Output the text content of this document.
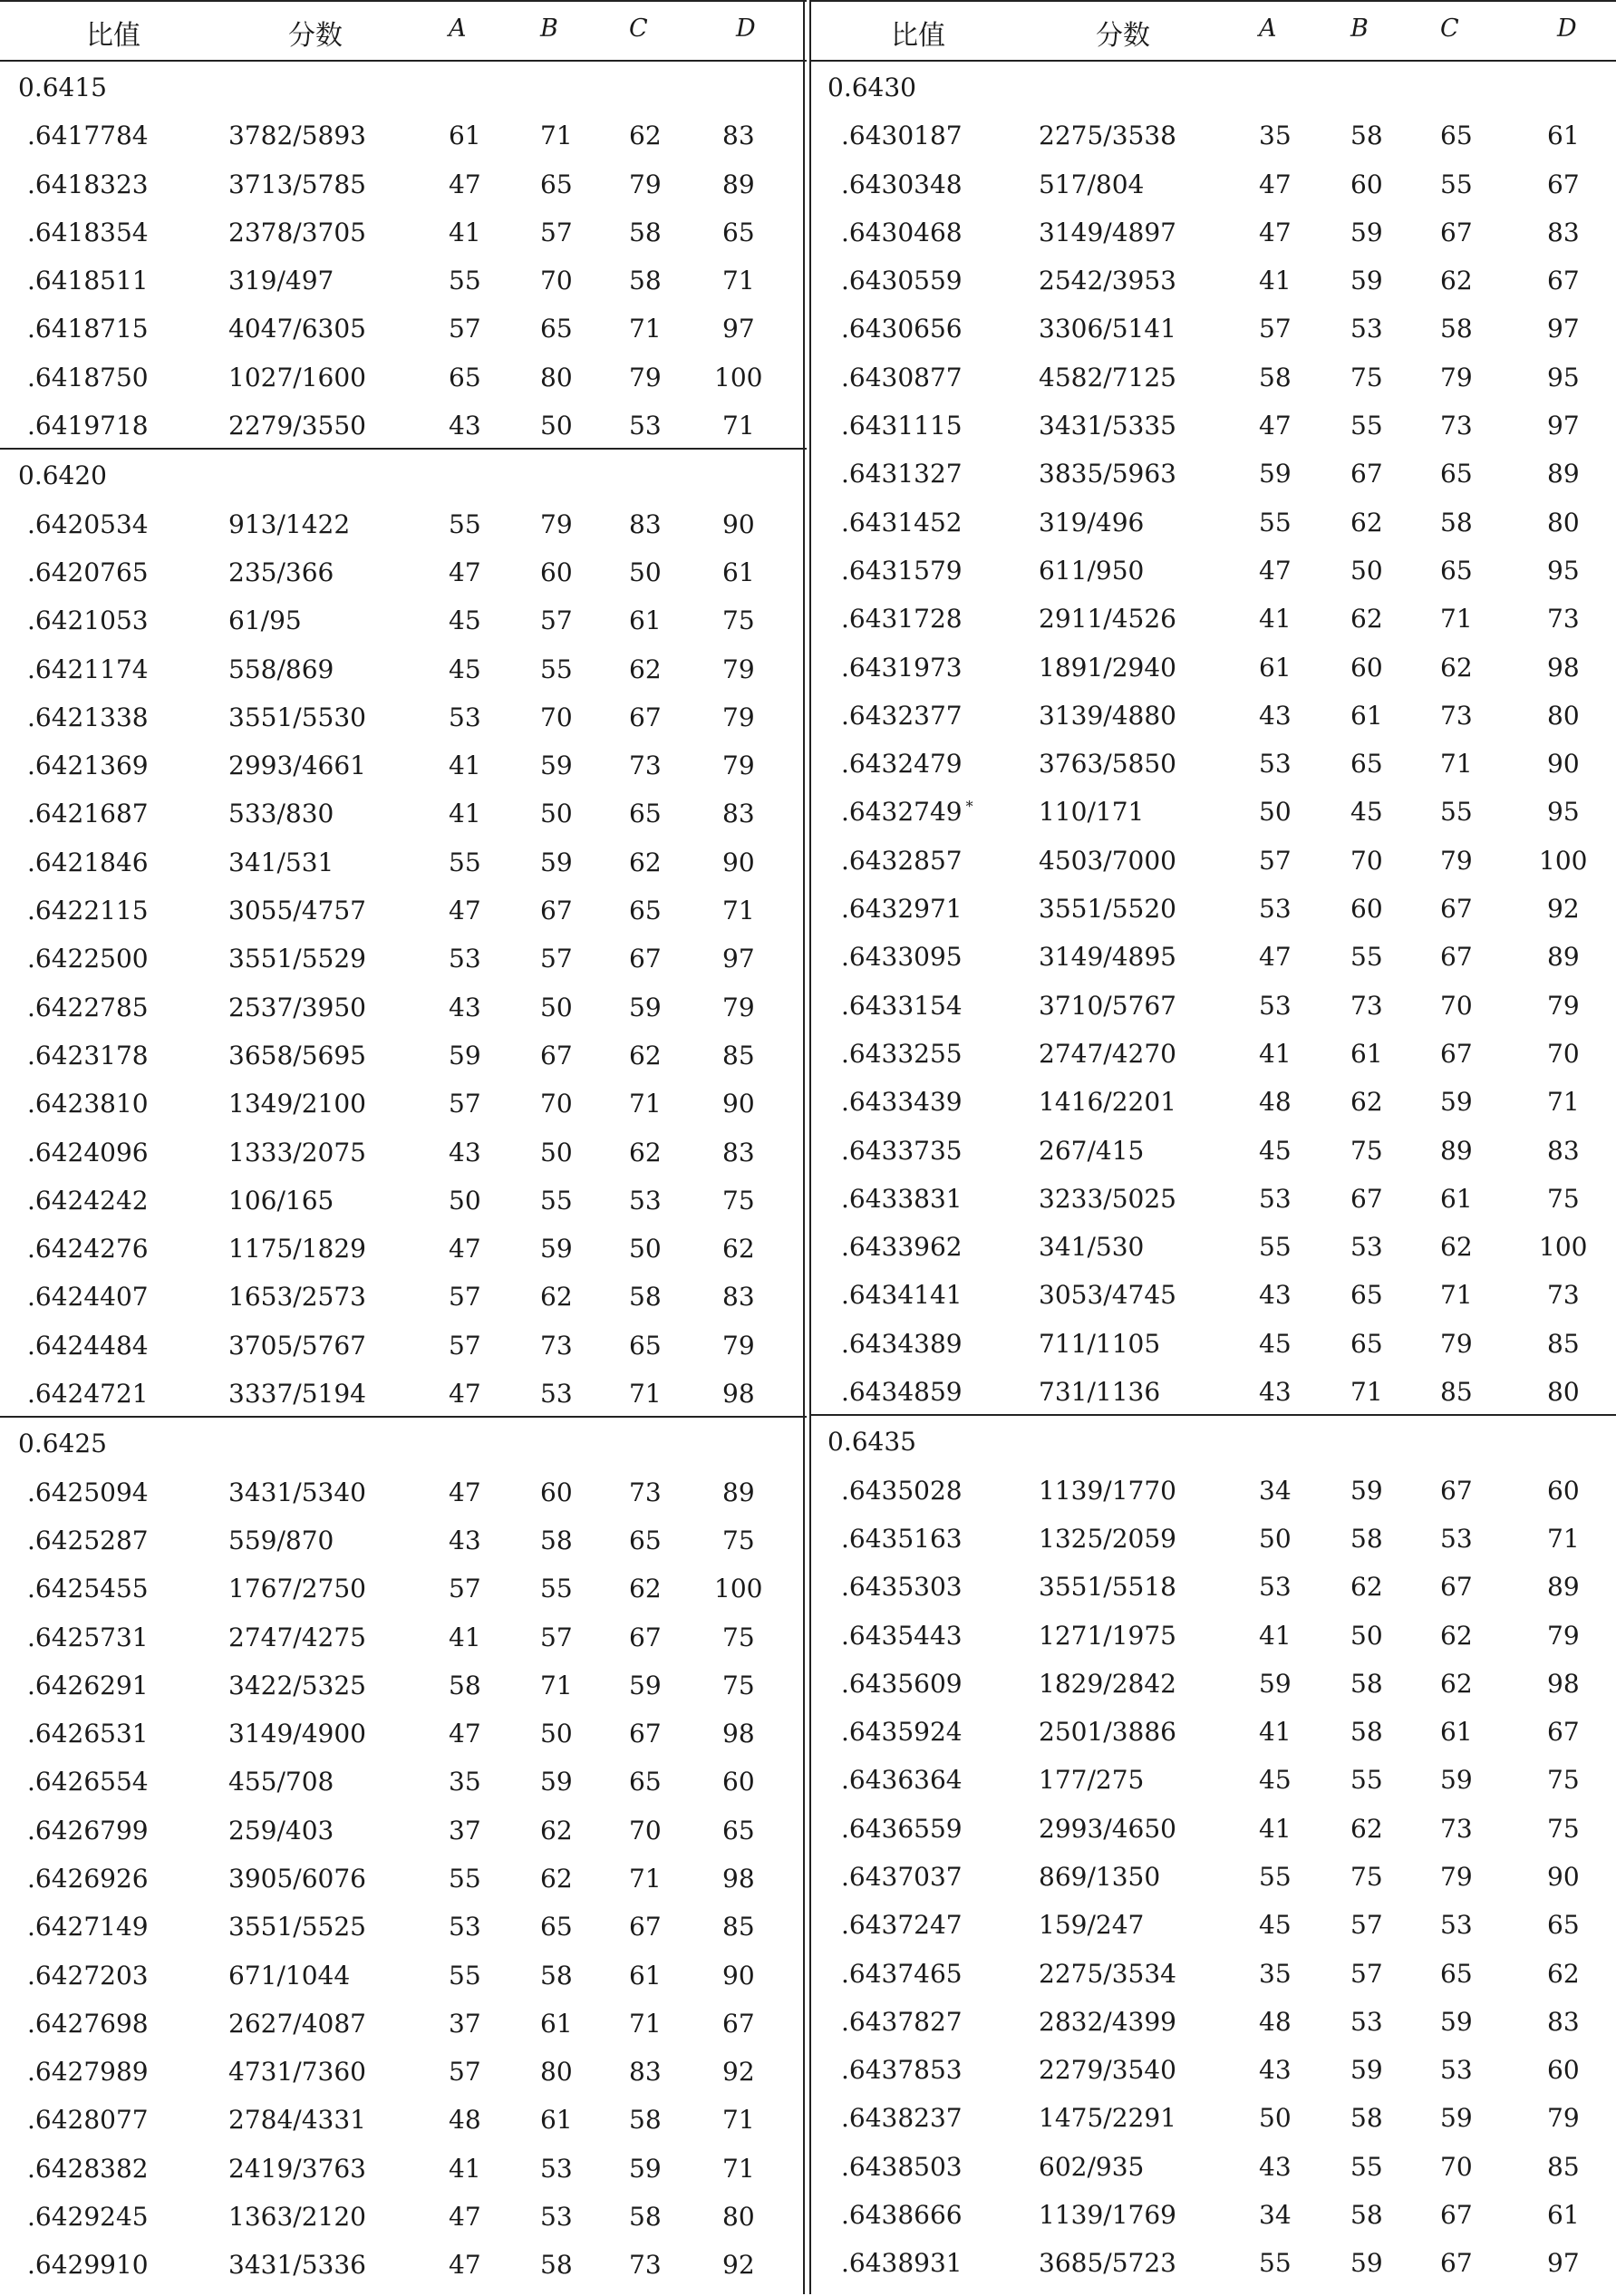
比值	分数	A	B	C	D
0.6415
.6417784	3782/5893	61 71 62 83
.6418323	3713/5785	47 65 79 89
.6418354	2378/3705	41 57 58 65
.6418511	319/497	55 70 58 71
.6418715	4047/6305	57 65 71 97
.6418750	1027/1600	65 80 79 100
.6419718	2279/3550	43 50 53 71
0.6420
.6420534	913/1422	55 79 83 90
.6420765	235/366	47 60 50 61
.6421053	61/95	45 57 61 75
.6421174	558/869	45 55 62 79
.6421338	3551/5530	53 70 67 79
.6421369	2993/4661	41 59 73 79
.6421687	533/830	41 50 65 83
.6421846	341/531	55 59 62 90
.6422115	3055/4757	47 67 65 71
.6422500	3551/5529	53 57 67 97
.6422785	2537/3950	43 50 59 79
.6423178	3658/5695	59 67 62 85
.6423810	1349/2100	57 70 71 90
.6424096	1333/2075	43 50 62 83
.6424242	106/165	50 55 53 75
.6424276	1175/1829	47 59 50 62
.6424407	1653/2573	57 62 58 83
.6424484	3705/5767	57 73 65 79
.6424721	3337/5194	47 53 71 98
0.6425
.6425094	3431/5340	47 60 73 89
.6425287	559/870	43 58 65 75
.6425455	1767/2750	57 55 62 100
.6425731	2747/4275	41 57 67 75
.6426291	3422/5325	58 71 59 75
.6426531	3149/4900	47 50 67 98
.6426554	455/708	35 59 65 60
.6426799	259/403	37 62 70 65
.6426926	3905/6076	55 62 71 98
.6427149	3551/5525	53 65 67 85
.6427203	671/1044	55 58 61 90
.6427698	2627/4087	37 61 71 67
.6427989	4731/7360	57 80 83 92
.6428077	2784/4331	48 61 58 71
.6428382	2419/3763	41 53 59 71
.6429245	1363/2120	47 53 58 80
.6429910	3431/5336	47 58 73 92
比值	分数	A	B	C	D
0.6430
.6430187	2275/3538	35 58 65	61
.6430348	517/804	47 60 55	67
.6430468	3149/4897	47 59 67	83
.6430559	2542/3953	41 59 62	67
.6430656	3306/5141	57 53 58	97
.6430877	4582/7125	58 75 79	95
.6431115	3431/5335	47 55 73	97
.6431327	3835/5963	59 67 65	89
.6431452	319/496	55 62 58	80
.6431579	611/950	47 50 65	95
.6431728	2911/4526	41 62 71	73
.6431973	1891/2940	61 60 62	98
.6432377	3139/4880	43 61 73	80
.6432479	3763/5850	53 65 71	90
.6432749 *	110/171	50 45 55	95
.6432857	4503/7000	57 70 79	100
.6432971	3551/5520	53 60 67	92
.6433095	3149/4895	47 55 67	89
.6433154	3710/5767	53 73 70	79
.6433255	2747/4270	41 61 67	70
.6433439	1416/2201	48 62 59	71
.6433735	267/415	45 75 89	83
.6433831	3233/5025	53 67 61	75
.6433962	341/530	55 53 62	100
.6434141	3053/4745	43 65 71	73
.6434389	711/1105	45 65 79	85
.6434859	731/1136	43 71 85	80
0.6435
.6435028	1139/1770	34 59 67	60
.6435163	1325/2059	50 58 53	71
.6435303	3551/5518	53 62 67	89
.6435443	1271/1975	41 50 62	79
.6435609	1829/2842	59 58 62	98
.6435924	2501/3886	41 58 61	67
.6436364	177/275	45 55 59	75
.6436559	2993/4650	41 62 73	75
.6437037	869/1350	55 75 79	90
.6437247	159/247	45 57 53	65
.6437465	2275/3534	35 57 65	62
.6437827	2832/4399	48 53 59	83
.6437853	2279/3540	43 59 53	60
.6438237	1475/2291	50 58 59	79
.6438503	602/935	43 55 70	85
.6438666	1139/1769	34 58 67	61
.6438931	3685/5723	55 59 67	97
